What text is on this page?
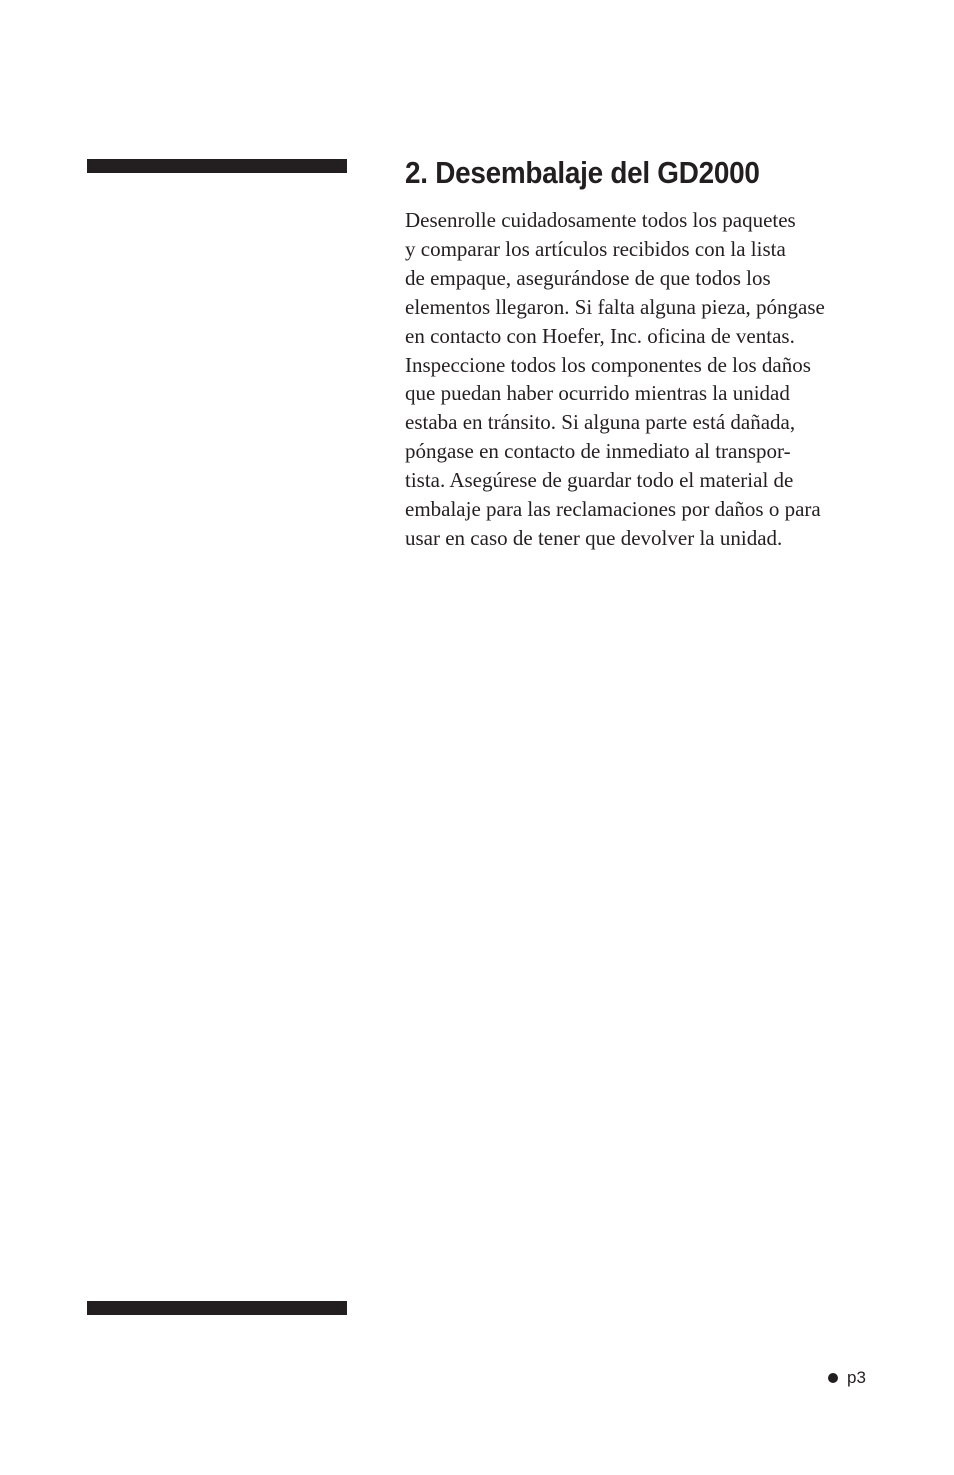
2. Desembalaje del GD2000

Desenrolle cuidadosamente todos los paquetes
y comparar los artículos recibidos con la lista
de empaque, asegurándose de que todos los
elementos llegaron. Si falta alguna pieza, póngase
en contacto con Hoefer, Inc. oficina de ventas.
Inspeccione todos los componentes de los daños
que puedan haber ocurrido mientras la unidad
estaba en tránsito. Si alguna parte está dañada,
póngase en contacto de inmediato al transpor-
tista. Asegúrese de guardar todo el material de
embalaje para las reclamaciones por daños o para
usar en caso de tener que devolver la unidad.

p3
